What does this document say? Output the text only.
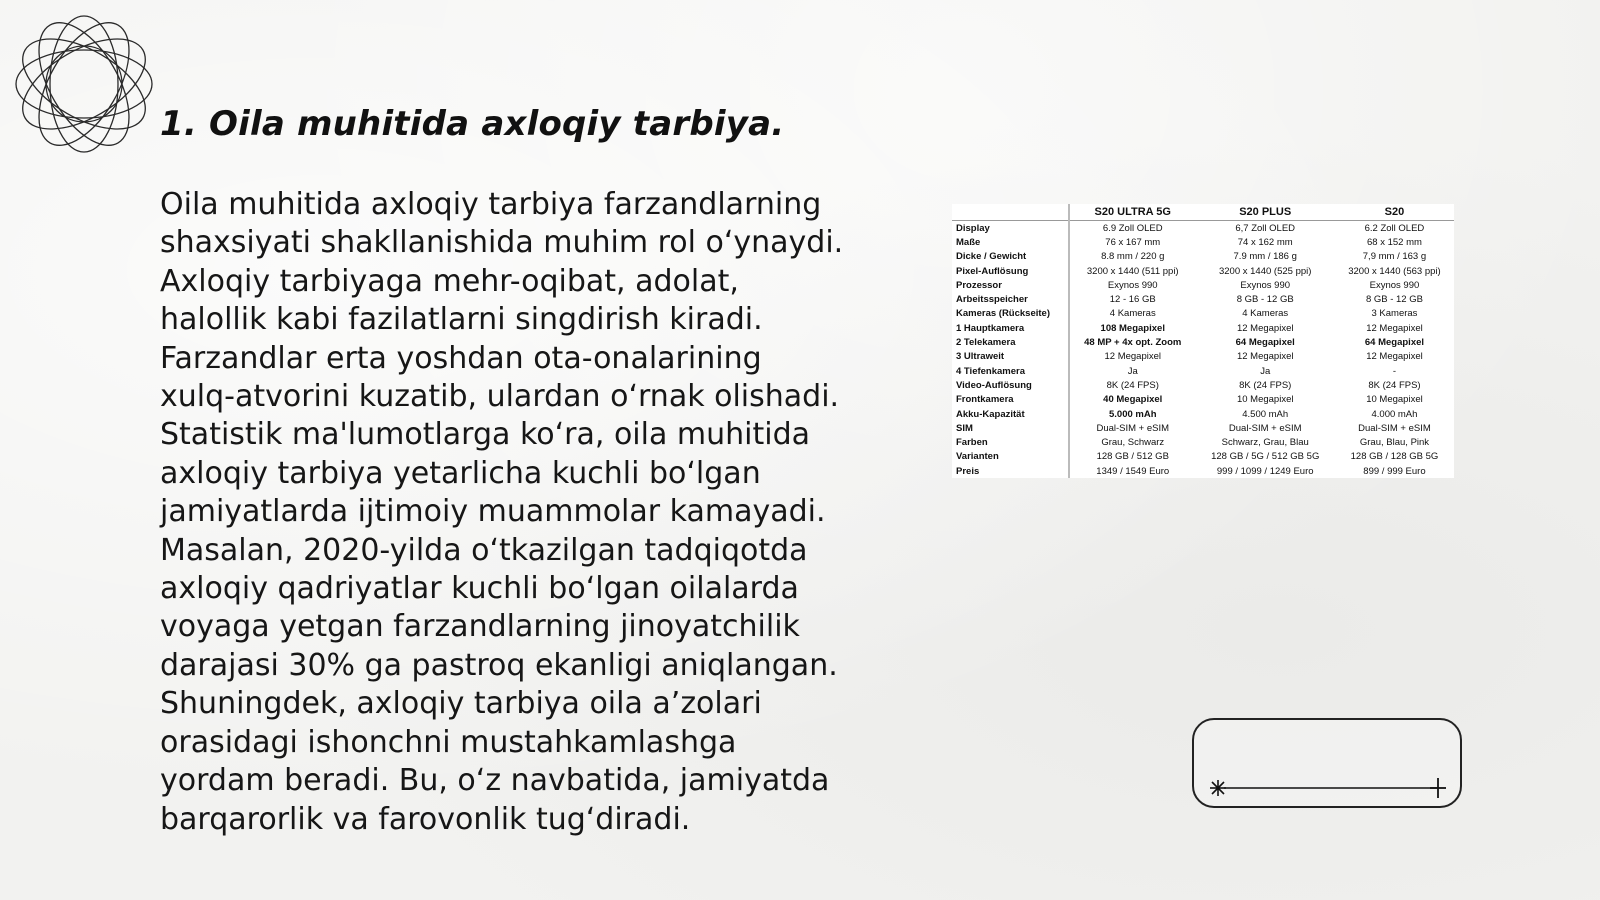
1. Oila muhitida axloqiy tarbiya.

Oila muhitida axloqiy tarbiya farzandlarning
shaxsiyati shakllanishida muhim rol oʻynaydi.
Axloqiy tarbiyaga mehr-oqibat, adolat,
halollik kabi fazilatlarni singdirish kiradi.
Farzandlar erta yoshdan ota-onalarining
xulq-atvorini kuzatib, ulardan oʻrnak olishadi.
Statistik ma'lumotlarga koʻra, oila muhitida
axloqiy tarbiya yetarlicha kuchli boʻlgan
jamiyatlarda ijtimoiy muammolar kamayadi.
Masalan, 2020-yilda oʻtkazilgan tadqiqotda
axloqiy qadriyatlar kuchli boʻlgan oilalarda
voyaga yetgan farzandlarning jinoyatchilik
darajasi 30% ga pastroq ekanligi aniqlangan.
Shuningdek, axloqiy tarbiya oila aʼzolari
orasidagi ishonchni mustahkamlashga
yordam beradi. Bu, oʻz navbatida, jamiyatda
barqarorlik va farovonlik tugʻdiradi.

	S20 ULTRA 5G	S20 PLUS	S20
Display	6.9 Zoll OLED	6,7 Zoll OLED	6.2 Zoll OLED
Maße	76 x 167 mm	74 x 162 mm	68 x 152 mm
Dicke / Gewicht	8.8 mm / 220 g	7.9 mm / 186 g	7,9 mm / 163 g
Pixel-Auflösung	3200 x 1440 (511 ppi)	3200 x 1440 (525 ppi)	3200 x 1440 (563 ppi)
Prozessor	Exynos 990	Exynos 990	Exynos 990
Arbeitsspeicher	12 - 16 GB	8 GB - 12 GB	8 GB - 12 GB
Kameras (Rückseite)	4 Kameras	4 Kameras	3 Kameras
1 Hauptkamera	108 Megapixel	12 Megapixel	12 Megapixel
2 Telekamera	48 MP + 4x opt. Zoom	64 Megapixel	64 Megapixel
3 Ultraweit	12 Megapixel	12 Megapixel	12 Megapixel
4 Tiefenkamera	Ja	Ja	-
Video-Auflösung	8K (24 FPS)	8K (24 FPS)	8K (24 FPS)
Frontkamera	40 Megapixel	10 Megapixel	10 Megapixel
Akku-Kapazität	5.000 mAh	4.500 mAh	4.000 mAh
SIM	Dual-SIM + eSIM	Dual-SIM + eSIM	Dual-SIM + eSIM
Farben	Grau, Schwarz	Schwarz, Grau, Blau	Grau, Blau, Pink
Varianten	128 GB / 512 GB	128 GB / 5G / 512 GB 5G	128 GB / 128 GB 5G
Preis	1349 / 1549 Euro	999 / 1099 / 1249 Euro	899 / 999 Euro
